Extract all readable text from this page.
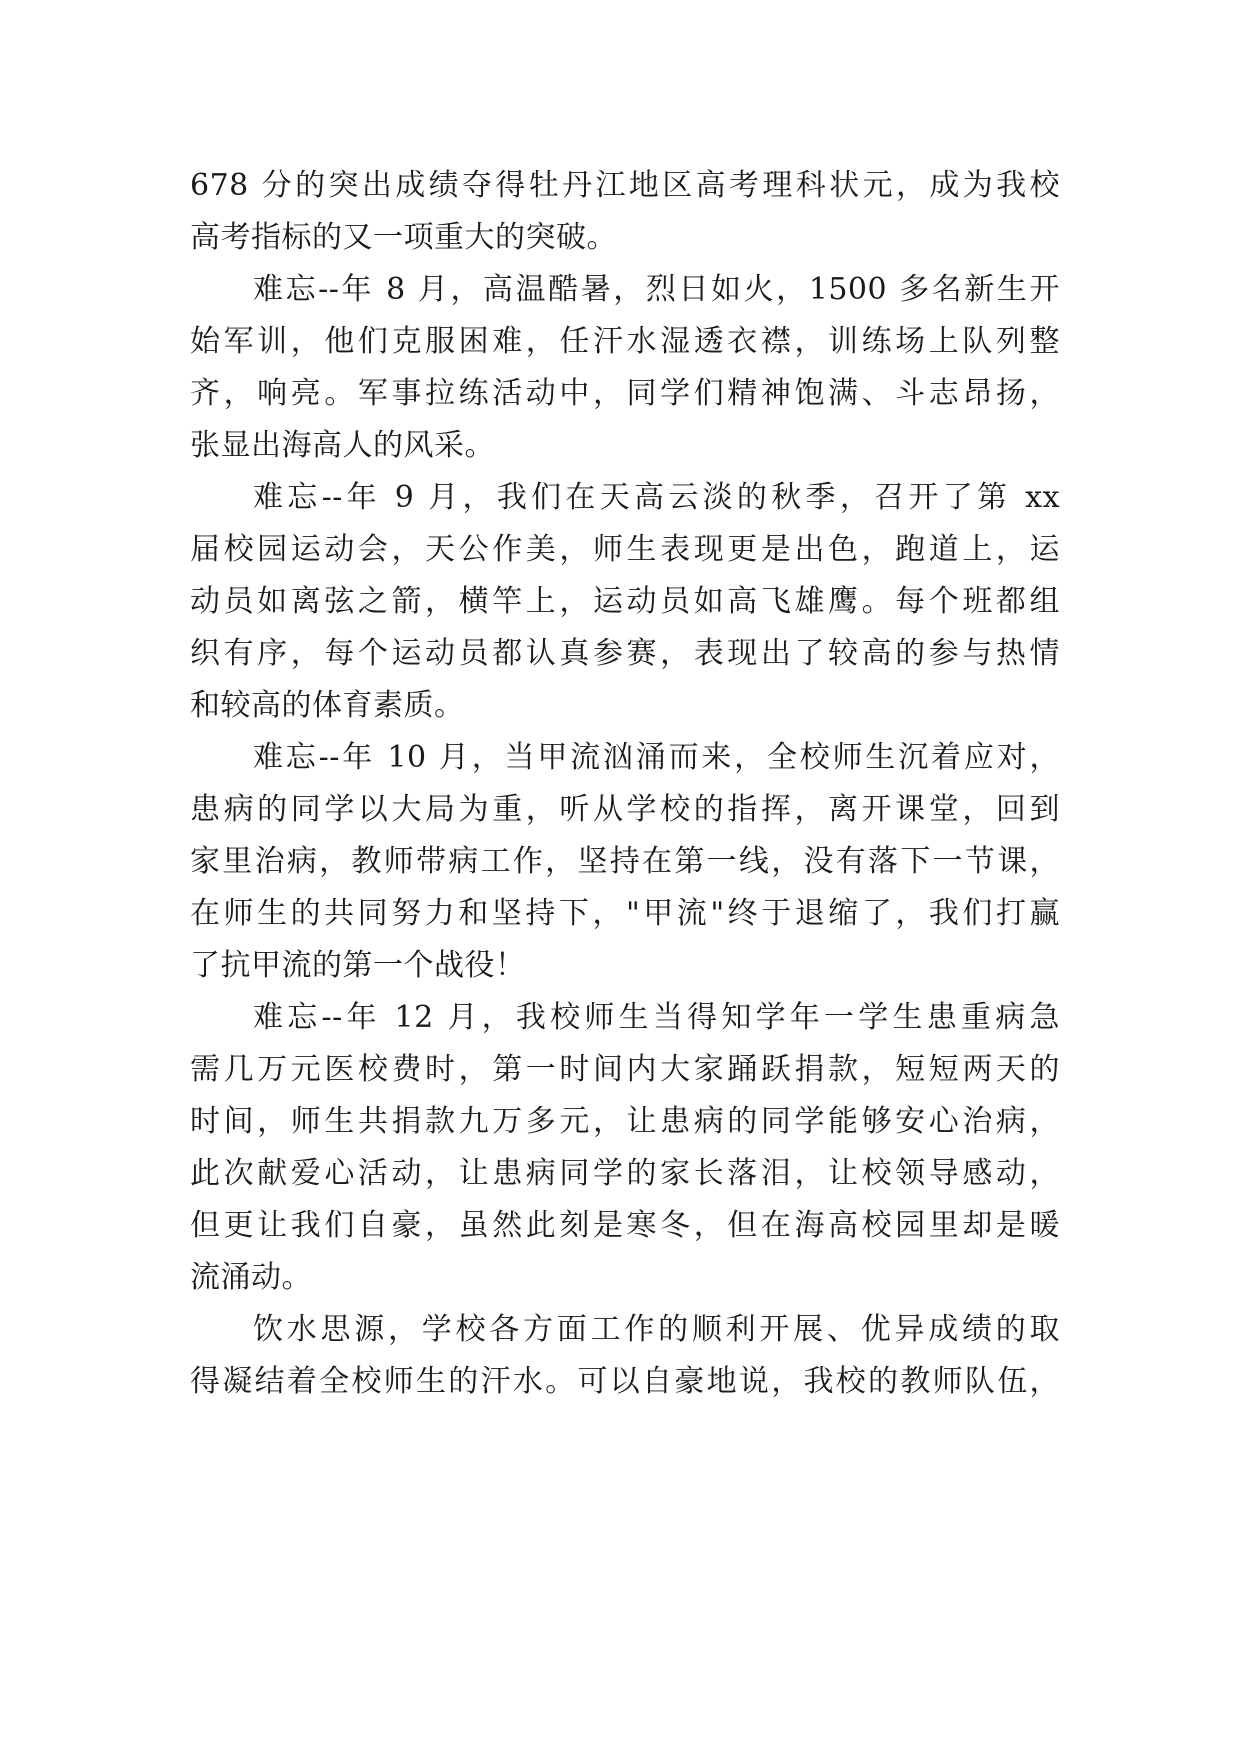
678 分的突出成绩夺得牡丹江地区高考理科状元，成为我校
高考指标的又一项重大的突破。
难忘--年 8 月，高温酷暑，烈日如火，1500 多名新生开
始军训，他们克服困难，任汗水湿透衣襟，训练场上队列整
齐，响亮。军事拉练活动中，同学们精神饱满、斗志昂扬，
张显出海高人的风采。
难忘--年 9 月，我们在天高云淡的秋季，召开了第 xx
届校园运动会，天公作美，师生表现更是出色，跑道上，运
动员如离弦之箭，横竿上，运动员如高飞雄鹰。每个班都组
织有序，每个运动员都认真参赛，表现出了较高的参与热情
和较高的体育素质。
难忘--年 10 月，当甲流汹涌而来，全校师生沉着应对，
患病的同学以大局为重，听从学校的指挥，离开课堂，回到
家里治病，教师带病工作，坚持在第一线，没有落下一节课，
在师生的共同努力和坚持下，"甲流"终于退缩了，我们打赢
了抗甲流的第一个战役！
难忘--年 12 月，我校师生当得知学年一学生患重病急
需几万元医校费时，第一时间内大家踊跃捐款，短短两天的
时间，师生共捐款九万多元，让患病的同学能够安心治病，
此次献爱心活动，让患病同学的家长落泪，让校领导感动，
但更让我们自豪，虽然此刻是寒冬，但在海高校园里却是暖
流涌动。
饮水思源，学校各方面工作的顺利开展、优异成绩的取
得凝结着全校师生的汗水。可以自豪地说，我校的教师队伍，
